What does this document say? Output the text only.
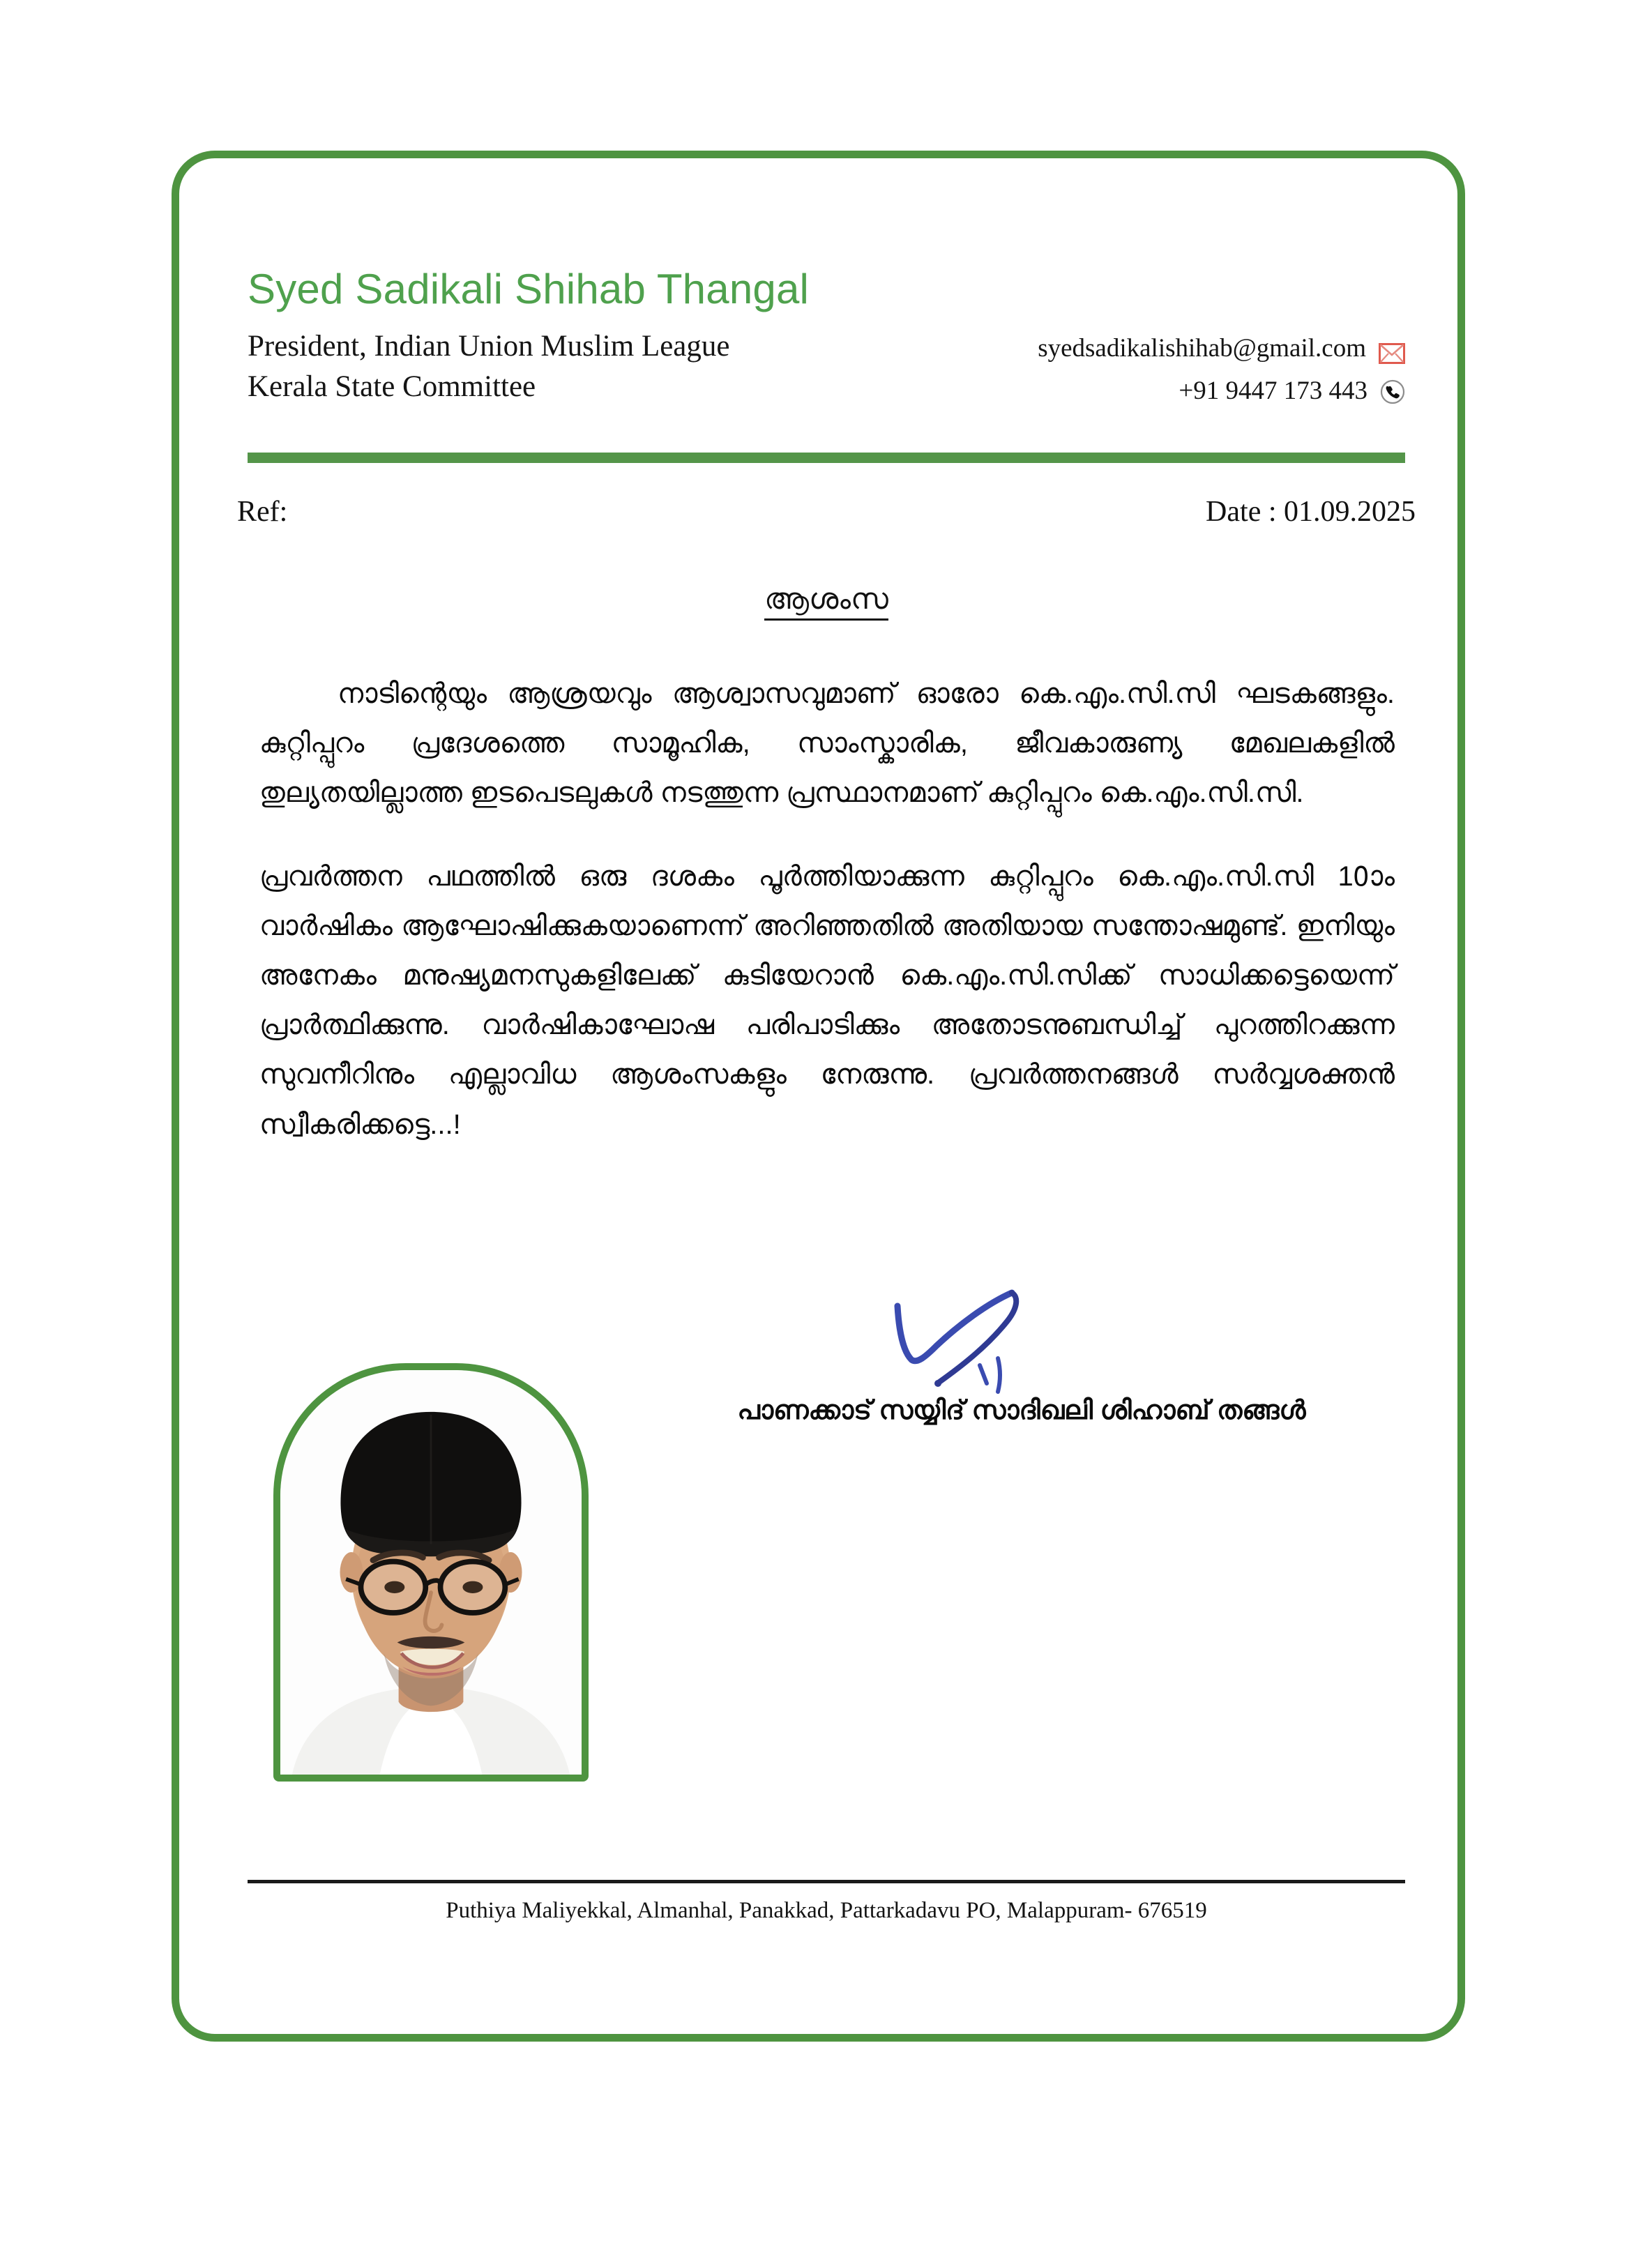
Syed Sadikali Shihab Thangal
President, Indian Union Muslim League
Kerala State Committee
syedsadikalishihab@gmail.com
+91 9447 173 443
Ref:	Date : 01.09.2025
ആശംസ

നാടിന്റെയും ആശ്രയവും ആശ്വാസവുമാണ് ഓരോ കെ.എം.സി.സി ഘടകങ്ങളും. കുറ്റിപ്പുറം പ്രദേശത്തെ സാമൂഹിക, സാംസ്കാരിക, ജീവകാരുണ്യ മേഖലകളിൽ തുല്യതയില്ലാത്ത ഇടപെടലുകൾ നടത്തുന്ന പ്രസ്ഥാനമാണ് കുറ്റിപ്പുറം കെ.എം.സി.സി.

പ്രവർത്തന പഥത്തിൽ ഒരു ദശകം പൂർത്തിയാക്കുന്ന കുറ്റിപ്പുറം കെ.എം.സി.സി 10ാം വാർഷികം ആഘോഷിക്കുകയാണെന്ന് അറിഞ്ഞതിൽ അതിയായ സന്തോഷമുണ്ട്. ഇനിയും അനേകം മനുഷ്യമനസുകളിലേക്ക് കുടിയേറാൻ കെ.എം.സി.സിക്ക് സാധിക്കട്ടെയെന്ന് പ്രാർത്ഥിക്കുന്നു. വാർഷികാഘോഷ പരിപാടിക്കും അതോടനുബന്ധിച്ച് പുറത്തിറക്കുന്ന സുവനീറിനും എല്ലാവിധ ആശംസകളും നേരുന്നു. പ്രവർത്തനങ്ങൾ സർവ്വശക്തൻ സ്വീകരിക്കട്ടെ...!

പാണക്കാട് സയ്യിദ് സാദിഖലി ശിഹാബ് തങ്ങൾ
Puthiya Maliyekkal, Almanhal, Panakkad, Pattarkadavu PO, Malappuram- 676519
